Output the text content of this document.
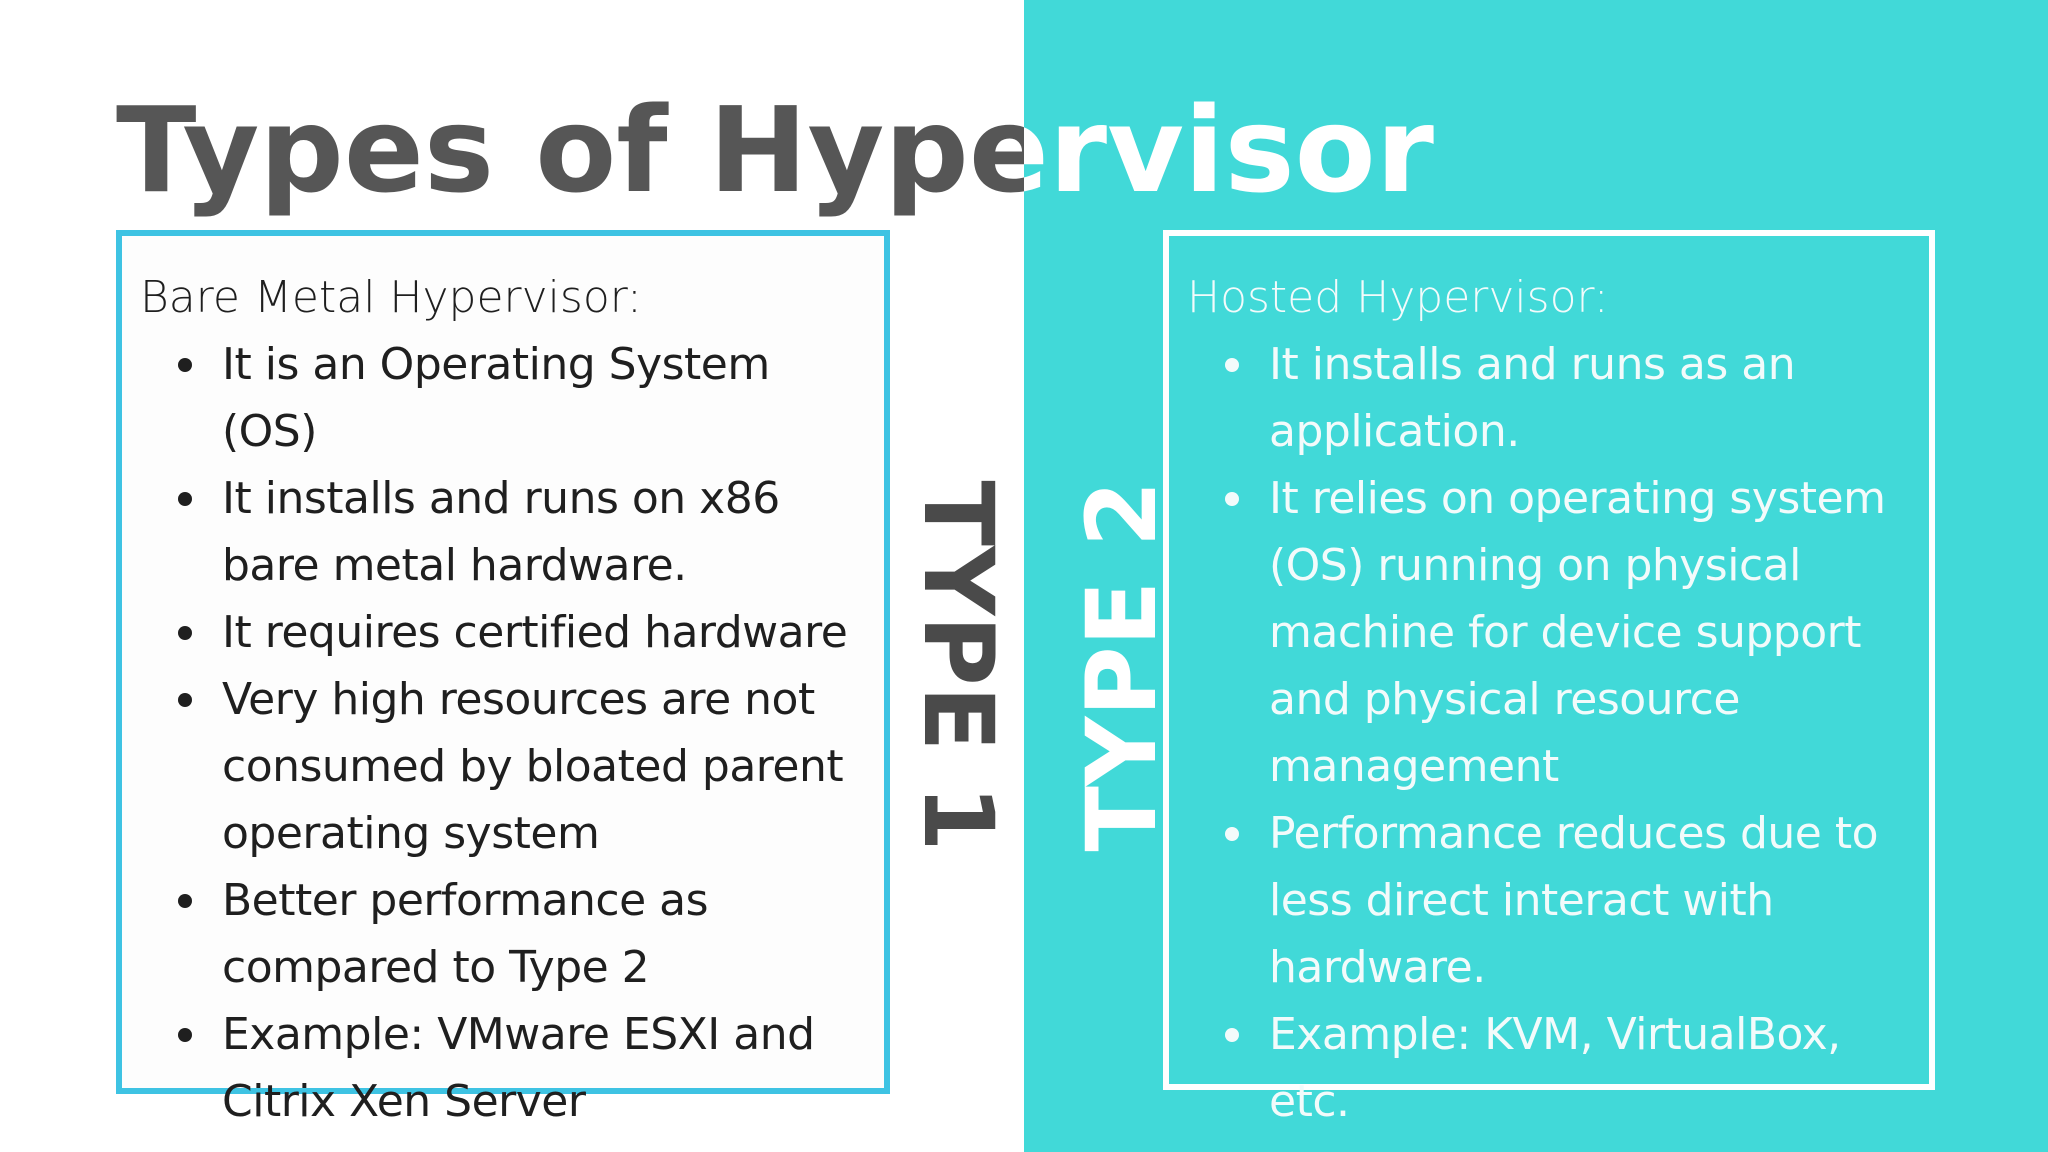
Types of Hypervisor
Bare Metal Hypervisor:
It is an Operating System (OS)
It installs and runs on x86 bare metal hardware.
It requires certified hardware
Very high resources are not consumed by bloated parent operating system
Better performance as compared to Type 2
Example: VMware ESXI and Citrix Xen Server
TYPE 1 TYPE 2
Hosted Hypervisor:
It installs and runs as an application.
It relies on operating system (OS) running on physical machine for device support and physical resource management
Performance reduces due to less direct interact with hardware.
Example: KVM, VirtualBox, etc.
